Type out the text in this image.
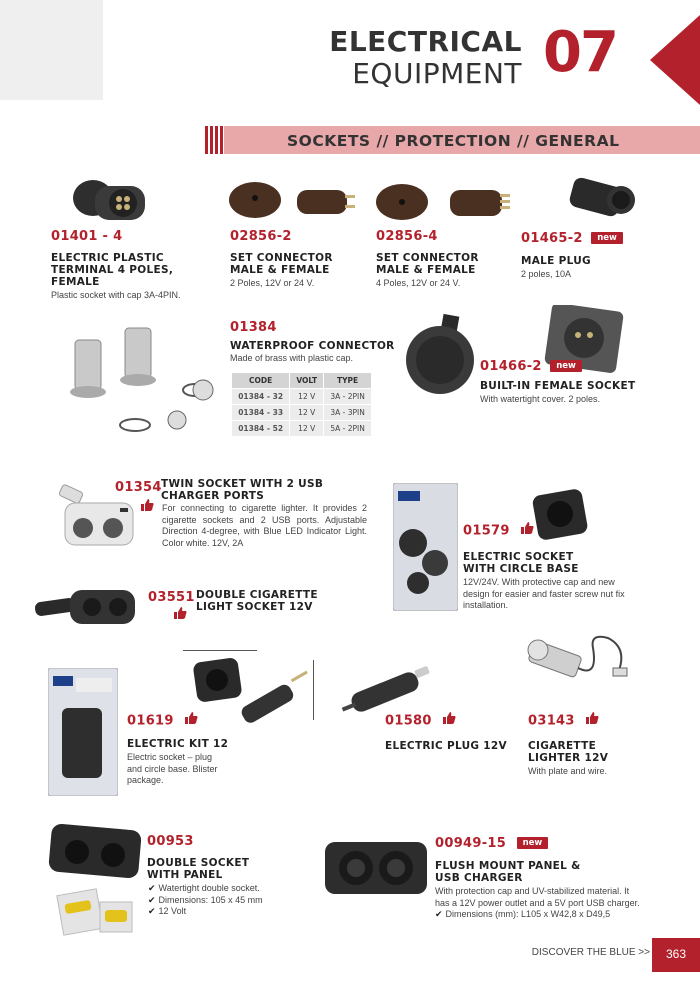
ELECTRICAL
EQUIPMENT 07
SOCKETS // PROTECTION // GENERAL
01401 - 4
ELECTRIC PLASTIC TERMINAL 4 POLES, FEMALE
Plastic socket with cap 3A-4PIN.
02856-2
SET CONNECTOR MALE & FEMALE
2 Poles, 12V or 24 V.
02856-4
SET CONNECTOR MALE & FEMALE
4 Poles, 12V or 24 V.
01465-2 new
MALE PLUG
2 poles, 10A
01384
WATERPROOF CONNECTOR
Made of brass with plastic cap.
CODE	VOLT	TYPE
01384 - 32	12 V	3A - 2PIN
01384 - 33	12 V	3A - 3PIN
01384 - 52	12 V	5A - 2PIN
01466-2 new
BUILT-IN FEMALE SOCKET
With watertight cover. 2 poles.
01354 TWIN SOCKET WITH 2 USB CHARGER PORTS
For connecting to cigarette lighter. It provides 2 cigarette sockets and 2 USB ports. Adjustable Direction 4-degree, with Blue LED Indicator Light. Color white. 12V, 2A
03551 DOUBLE CIGARETTE LIGHT SOCKET 12V
01579
ELECTRIC SOCKET WITH CIRCLE BASE
12V/24V. With protective cap and new design for easier and faster screw nut fix installation.
01619
ELECTRIC KIT 12
Electric socket – plug and circle base. Blister package.
01580
ELECTRIC PLUG 12V
03143
CIGARETTE LIGHTER 12V
With plate and wire.
00953
DOUBLE SOCKET WITH PANEL
✔ Watertight double socket.
✔ Dimensions: 105 x 45 mm
✔ 12 Volt
00949-15 new
FLUSH MOUNT PANEL & USB CHARGER
With protection cap and UV-stabilized material. It has a 12V power outlet and a 5V port USB charger.
✔ Dimensions (mm): L105 x W42,8 x D49,5
DISCOVER THE BLUE >>	363
